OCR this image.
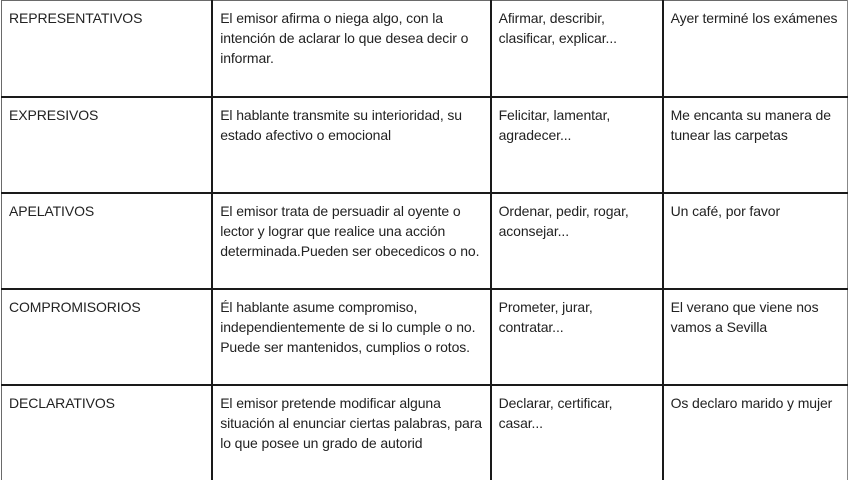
REPRESENTATIVOS	El emisor afirma o niega algo, con la intención de aclarar lo que desea decir o informar.	Afirmar, describir, clasificar, explicar...	Ayer terminé los exámenes
EXPRESIVOS	El hablante transmite su interioridad, su estado afectivo o emocional	Felicitar, lamentar, agradecer...	Me encanta su manera de tunear las carpetas
APELATIVOS	El emisor trata de persuadir al oyente o lector y lograr que realice una acción determinada.Pueden ser obecedicos o no.	Ordenar, pedir, rogar, aconsejar...	Un café, por favor
COMPROMISORIOS	Él hablante asume compromiso, independientemente de si lo cumple o no. Puede ser mantenidos, cumplios o rotos.	Prometer, jurar, contratar...	El verano que viene nos vamos a Sevilla
DECLARATIVOS	El emisor pretende modificar alguna situación al enunciar ciertas palabras, para lo que posee un grado de autorid	Declarar, certificar, casar...	Os declaro marido y mujer
